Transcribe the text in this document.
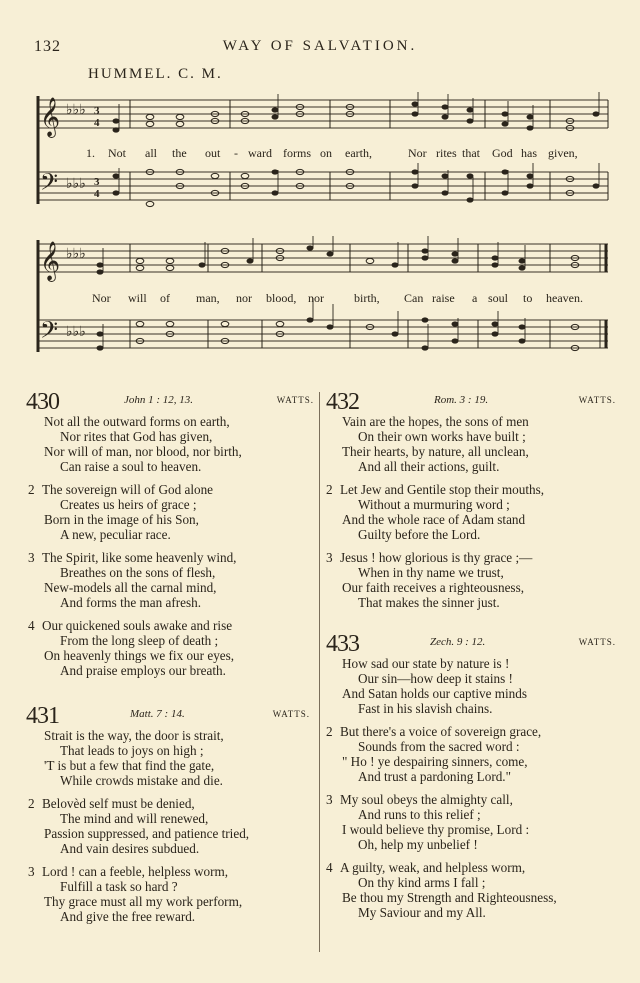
132	WAY OF SALVATION.
HUMMEL. C. M.
𝄞
𝄢
♭♭♭
♭♭♭
3
4
3
4
1. Not all the out - ward forms on earth,	Nor rites that God has given,
𝄞
𝄢
♭♭♭
♭♭♭
Nor will of man, nor blood, nor	birth, Can raise a soul to heaven.
430	John 1 : 12, 13.	WATTS.
Not all the outward forms on earth,
Nor rites that God has given,
Nor will of man, nor blood, nor birth,
Can raise a soul to heaven.
2 The sovereign will of God alone
Creates us heirs of grace ;
Born in the image of his Son,
A new, peculiar race.
3 The Spirit, like some heavenly wind,
Breathes on the sons of flesh,
New-models all the carnal mind,
And forms the man afresh.
4 Our quickened souls awake and rise
From the long sleep of death ;
On heavenly things we fix our eyes,
And praise employs our breath.
431	Matt. 7 : 14.	WATTS.
Strait is the way, the door is strait,
That leads to joys on high ;
'T is but a few that find the gate,
While crowds mistake and die.
2 Belovèd self must be denied,
The mind and will renewed,
Passion suppressed, and patience tried,
And vain desires subdued.
3 Lord ! can a feeble, helpless worm,
Fulfill a task so hard ?
Thy grace must all my work perform,
And give the free reward.
432	Rom. 3 : 19.	WATTS.
Vain are the hopes, the sons of men
On their own works have built ;
Their hearts, by nature, all unclean,
And all their actions, guilt.
2 Let Jew and Gentile stop their mouths,
Without a murmuring word ;
And the whole race of Adam stand
Guilty before the Lord.
3 Jesus ! how glorious is thy grace ;—
When in thy name we trust,
Our faith receives a righteousness,
That makes the sinner just.
433	Zech. 9 : 12.	WATTS.
How sad our state by nature is !
Our sin—how deep it stains !
And Satan holds our captive minds
Fast in his slavish chains.
2 But there's a voice of sovereign grace,
Sounds from the sacred word :
" Ho ! ye despairing sinners, come,
And trust a pardoning Lord."
3 My soul obeys the almighty call,
And runs to this relief ;
I would believe thy promise, Lord :
Oh, help my unbelief !
4 A guilty, weak, and helpless worm,
On thy kind arms I fall ;
Be thou my Strength and Righteousness,
My Saviour and my All.
